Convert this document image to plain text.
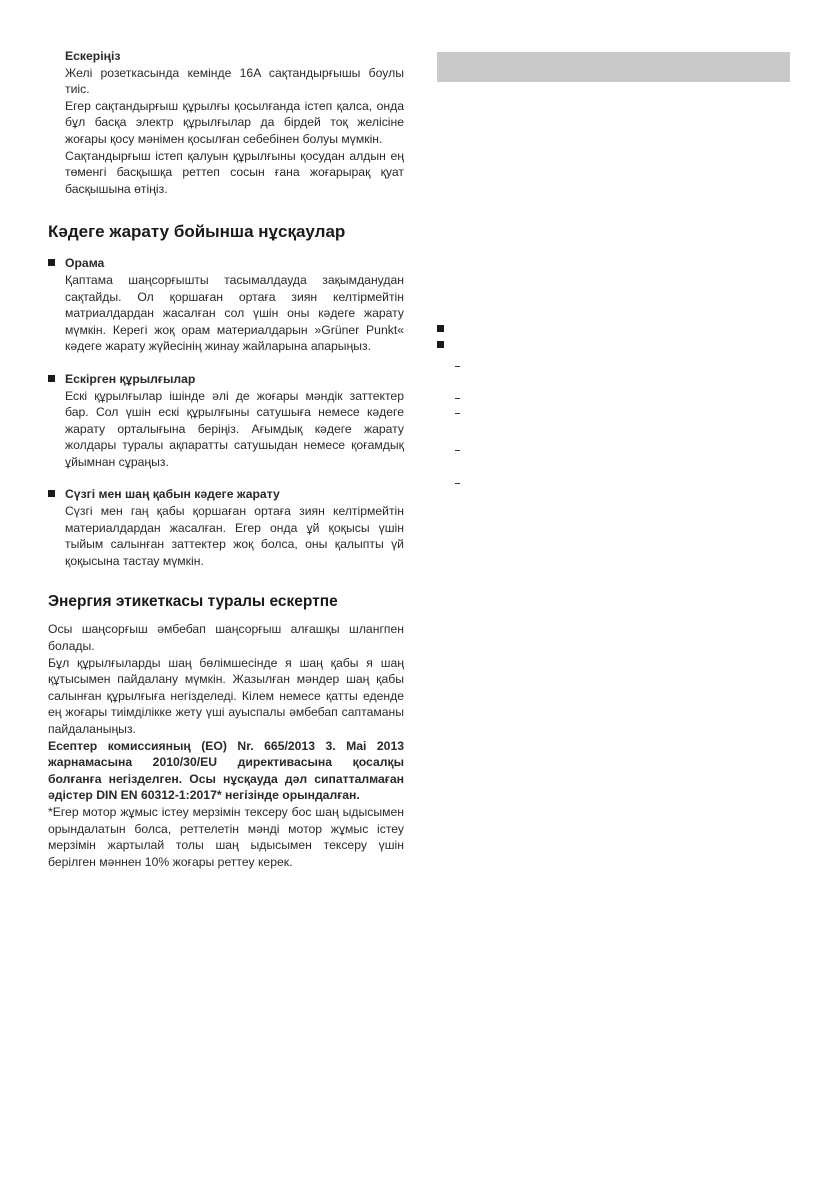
Ескеріңіз

Желі розеткасында кемінде 16A сақтандырғышы боулы тиіс.

Егер сақтандырғыш құрылғы қосылғанда істеп қалса, онда бұл басқа электр құрылғылар да бірдей тоқ желісіне жоғары қосу мәнімен қосылған себебінен болуы мүмкін.

Сақтандырғыш істеп қалуын құрылғыны қосудан алдын ең төменгі басқышқа реттеп сосын ғана жоғарырақ қуат басқышына өтіңіз.

Кәдеге жарату бойынша нұсқаулар

Орама

Қаптама шаңсорғышты тасымалдауда зақымданудан сақтайды. Ол қоршаған ортаға зиян келтірмейтін матриалдардан жасалған сол үшін оны кәдеге жарату мүмкін. Керегі жоқ орам материалдарын »Grüner Punkt« кәдеге жарату жүйесінің жинау жайларына апарыңыз.

Ескірген құрылғылар

Ескі құрылғылар ішінде әлі де жоғары мәндік заттектер бар. Сол үшін ескі құрылғыны сатушыға немесе кәдеге жарату орталығына беріңіз. Ағымдық кәдеге жарату жолдары туралы ақпаратты сатушыдан немесе қоғамдық ұйымнан сұраңыз.

Сүзгі мен шаң қабын кәдеге жарату

Сүзгі мен гаң қабы қоршаған ортаға зиян келтірмейтін материалдардан жасалған. Егер онда ұй қоқысы үшін тыйым салынған заттектер жоқ болса, оны қалыпты үй қоқысына тастау мүмкін.

Энергия этикеткасы туралы ескертпе

Осы шаңсорғыш әмбебап шаңсорғыш алғашқы шлангпен болады.

Бұл құрылғыларды шаң бөлімшесінде я шаң қабы я шаң құтысымен пайдалану мүмкін. Жазылған мәндер шаң қабы салынған құрылғыға негізделеді. Кілем немесе қатты еденде ең жоғары тиімділікке жету үші ауыспалы әмбебап саптаманы пайдаланыңыз.

Есептер комиссияның (ЕО) Nr. 665/2013 3. Mai 2013 жарнамасына 2010/30/EU директивасына қосалқы болғанға негізделген. Осы нұсқауда дәл сипатталмаған әдістер DIN EN 60312-1:2017* негізінде орындалған.

*Егер мотор жұмыс істеу мерзімін тексеру бос шаң ыдысымен орындалатын болса, реттелетін мәнді мотор жұмыс істеу мерзімін жартылай толы шаң ыдысымен тексеру үшін берілген мәннен 10% жоғары реттеу керек.
